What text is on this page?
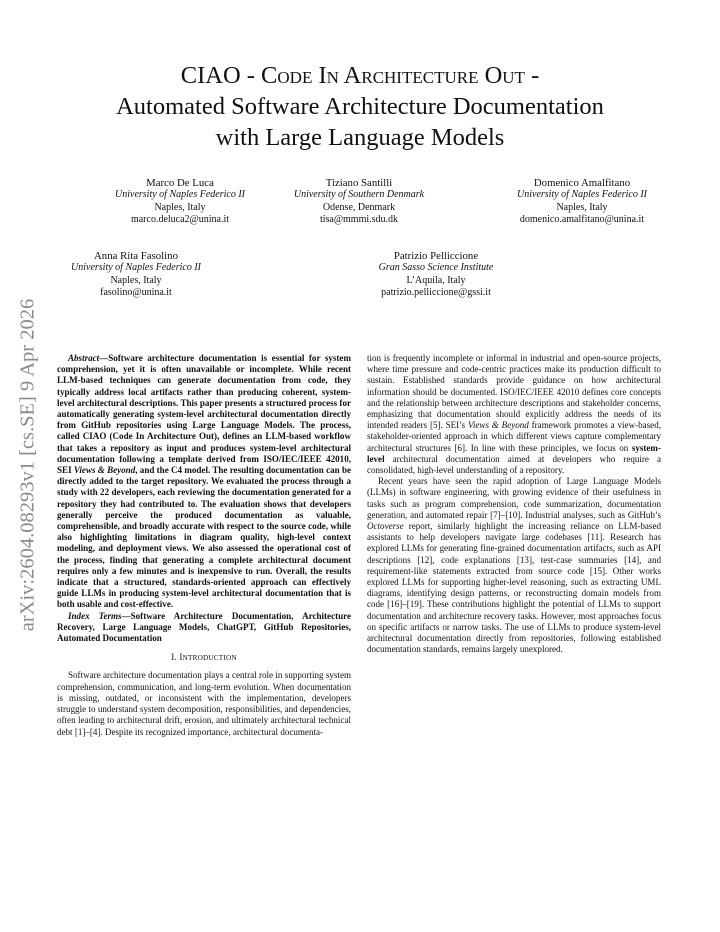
arXiv:2604.08293v1 [cs.SE] 9 Apr 2026
CIAO - Code In Architecture Out -
Automated Software Architecture Documentation
with Large Language Models
Marco De Luca
University of Naples Federico II
Naples, Italy
marco.deluca2@unina.it
Tiziano Santilli
University of Southern Denmark
Odense, Denmark
tisa@mmmi.sdu.dk
Domenico Amalfitano
University of Naples Federico II
Naples, Italy
domenico.amalfitano@unina.it
Anna Rita Fasolino
University of Naples Federico II
Naples, Italy
fasolino@unina.it
Patrizio Pelliccione
Gran Sasso Science Institute
L’Aquila, Italy
patrizio.pelliccione@gssi.it

Abstract—Software architecture documentation is essential for system comprehension, yet it is often unavailable or incomplete. While recent LLM-based techniques can generate documentation from code, they typically address local artifacts rather than producing coherent, system-level architectural descriptions. This paper presents a structured process for automatically generating system-level architectural documentation directly from GitHub repositories using Large Language Models. The process, called CIAO (Code In Architecture Out), defines an LLM-based workflow that takes a repository as input and produces system-level architectural documentation following a template derived from ISO/IEC/IEEE 42010, SEI Views & Beyond, and the C4 model. The resulting documentation can be directly added to the target repository. We evaluated the process through a study with 22 developers, each reviewing the documentation generated for a repository they had contributed to. The evaluation shows that developers generally perceive the produced documentation as valuable, comprehensible, and broadly accurate with respect to the source code, while also highlighting limitations in diagram quality, high-level context modeling, and deployment views. We also assessed the operational cost of the process, finding that generating a complete architectural document requires only a few minutes and is inexpensive to run. Overall, the results indicate that a structured, standards-oriented approach can effectively guide LLMs in producing system-level architectural documentation that is both usable and cost-effective.

Index Terms—Software Architecture Documentation, Architecture Recovery, Large Language Models, ChatGPT, GitHub Repositories, Automated Documentation

I. INTRODUCTION

Software architecture documentation plays a central role in supporting system comprehension, communication, and long-term evolution. When documentation is missing, outdated, or inconsistent with the implementation, developers struggle to understand system decomposition, responsibilities, and dependencies, often leading to architectural drift, erosion, and ultimately architectural technical debt [1]–[4]. Despite its recognized importance, architectural documenta-

tion is frequently incomplete or informal in industrial and open-source projects, where time pressure and code-centric practices make its production difficult to sustain. Established standards provide guidance on how architectural information should be documented. ISO/IEC/IEEE 42010 defines core concepts and the relationship between architecture descriptions and stakeholder concerns, emphasizing that documentation should explicitly address the needs of its intended readers [5]. SEI’s Views & Beyond framework promotes a view-based, stakeholder-oriented approach in which different views capture complementary architectural structures [6]. In line with these principles, we focus on system-level architectural documentation aimed at developers who require a consolidated, high-level understanding of a repository.

Recent years have seen the rapid adoption of Large Language Models (LLMs) in software engineering, with growing evidence of their usefulness in tasks such as program comprehension, code summarization, documentation generation, and automated repair [7]–[10]. Industrial analyses, such as GitHub’s Octoverse report, similarly highlight the increasing reliance on LLM-based assistants to help developers navigate large codebases [11]. Research has explored LLMs for generating fine-grained documentation artifacts, such as API descriptions [12], code explanations [13], test-case summaries [14], and requirement-like statements extracted from source code [15]. Other works explored LLMs for supporting higher-level reasoning, such as extracting UML diagrams, identifying design patterns, or reconstructing domain models from code [16]–[19]. These contributions highlight the potential of LLMs to support documentation and architecture recovery tasks. However, most approaches focus on specific artifacts or narrow tasks. The use of LLMs to produce system-level architectural documentation directly from repositories, following established documentation standards, remains largely unexplored.
